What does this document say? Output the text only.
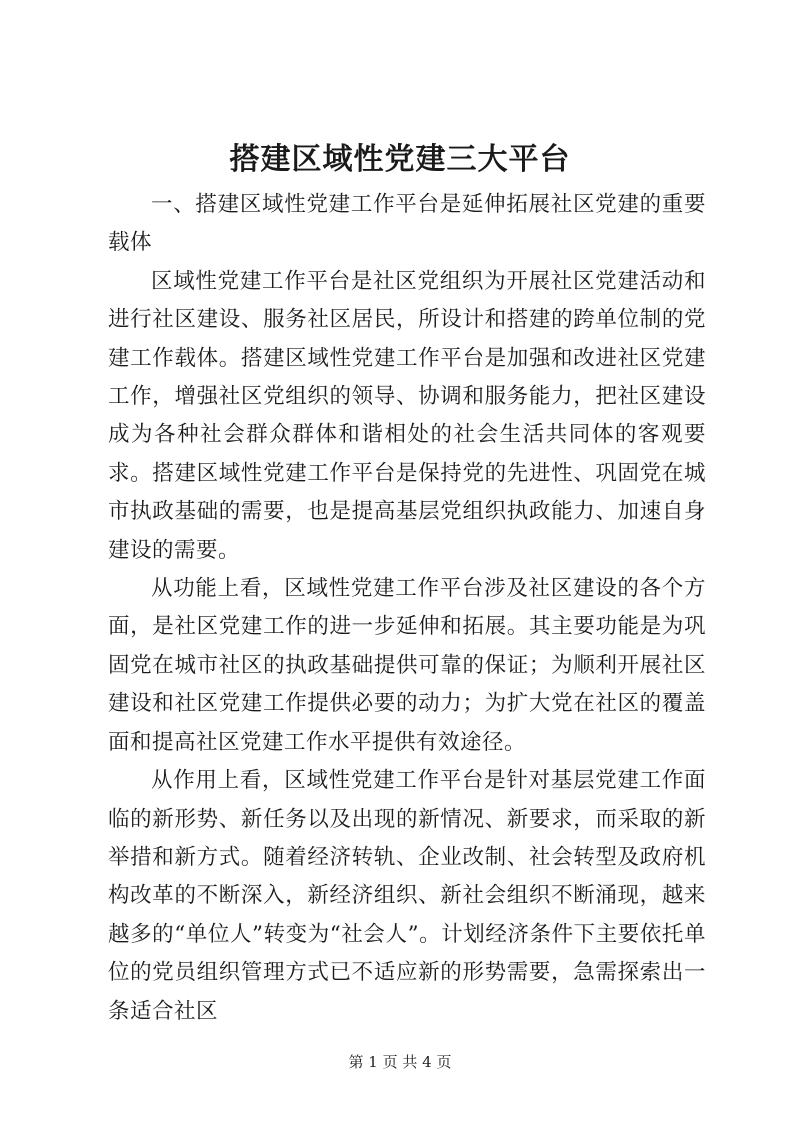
搭建区域性党建三大平台

一、搭建区域性党建工作平台是延伸拓展社区党建的重要载体

区域性党建工作平台是社区党组织为开展社区党建活动和进行社区建设、服务社区居民，所设计和搭建的跨单位制的党建工作载体。搭建区域性党建工作平台是加强和改进社区党建工作，增强社区党组织的领导、协调和服务能力，把社区建设成为各种社会群众群体和谐相处的社会生活共同体的客观要求。搭建区域性党建工作平台是保持党的先进性、巩固党在城市执政基础的需要，也是提高基层党组织执政能力、加速自身建设的需要。

从功能上看，区域性党建工作平台涉及社区建设的各个方面，是社区党建工作的进一步延伸和拓展。其主要功能是为巩固党在城市社区的执政基础提供可靠的保证；为顺利开展社区建设和社区党建工作提供必要的动力；为扩大党在社区的覆盖面和提高社区党建工作水平提供有效途径。

从作用上看，区域性党建工作平台是针对基层党建工作面临的新形势、新任务以及出现的新情况、新要求，而采取的新举措和新方式。随着经济转轨、企业改制、社会转型及政府机构改革的不断深入，新经济组织、新社会组织不断涌现，越来越多的“单位人”转变为“社会人”。计划经济条件下主要依托单位的党员组织管理方式已不适应新的形势需要，急需探索出一条适合社区

第 1 页 共 4 页
